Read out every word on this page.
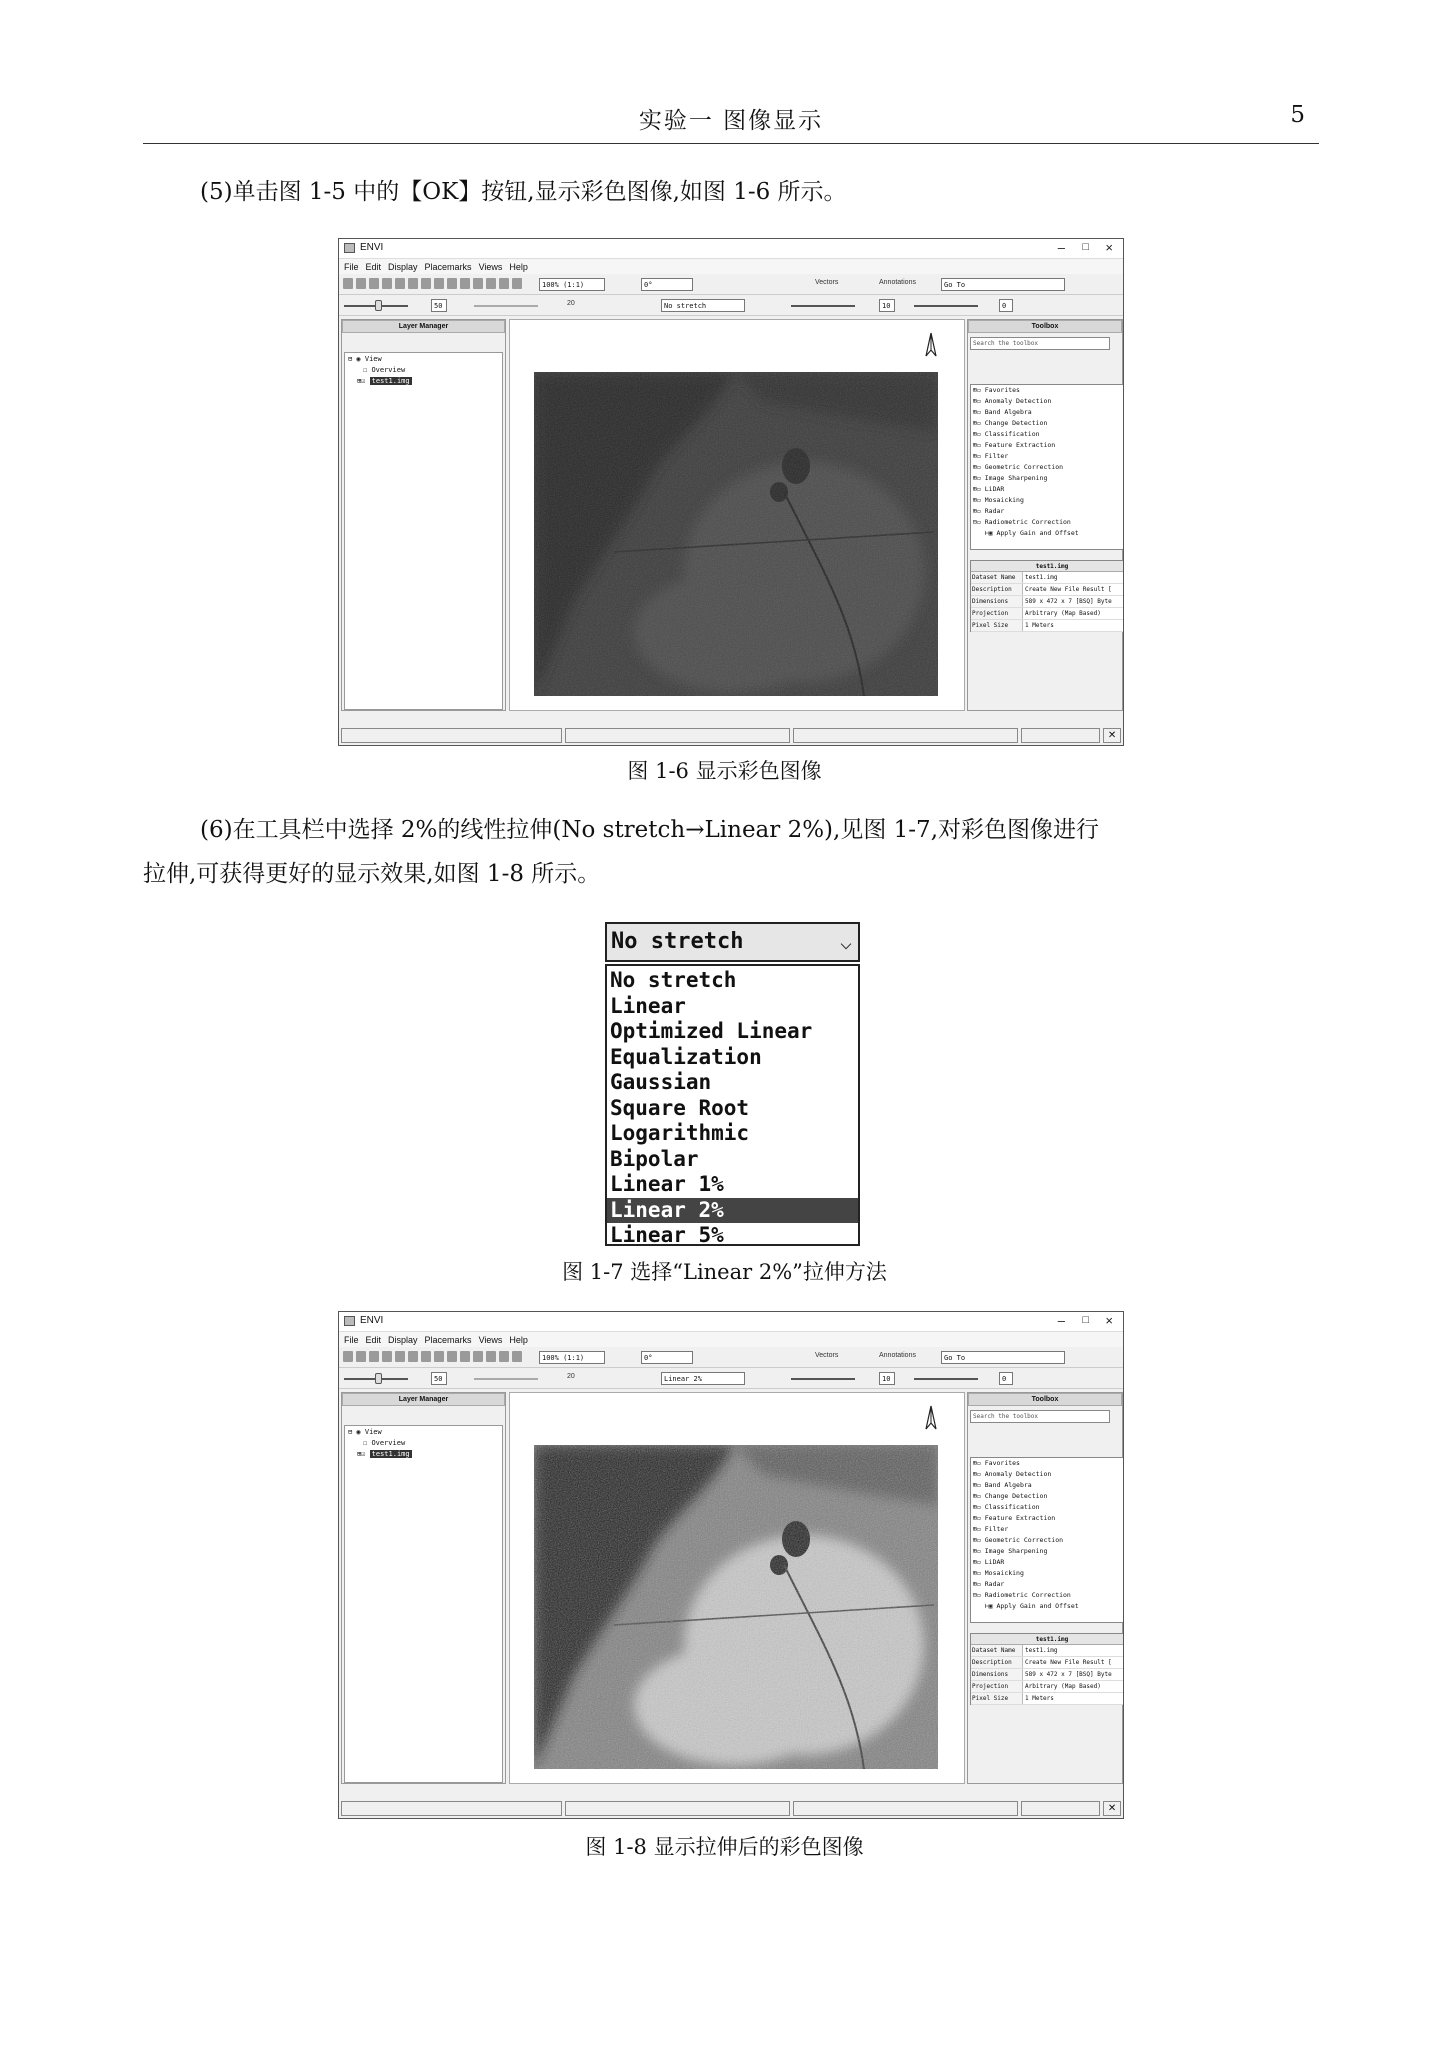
实验一 图像显示	5
(5)单击图 1-5 中的【OK】按钮,显示彩色图像,如图 1-6 所示。
ENVI	– □ ×
File Edit Display Placemarks Views Help
100% (1:1)	0°	Vectors	Annotations	Go To
50	20	No stretch	10	0
Layer Manager
⊟ ◉ View
☐ Overview
⊞☑ test1.img
Toolbox
Search the toolbox
⊞▭ Favorites
⊞▭ Anomaly Detection
⊞▭ Band Algebra
⊞▭ Change Detection
⊞▭ Classification
⊞▭ Feature Extraction
⊞▭ Filter
⊞▭ Geometric Correction
⊞▭ Image Sharpening
⊞▭ LiDAR
⊞▭ Mosaicking
⊞▭ Radar
⊟▭ Radiometric Correction
⊢▣ Apply Gain and Offset
test1.img
Dataset Name	test1.img
Description	Create New File Result [
Dimensions	589 x 472 x 7 [BSQ] Byte
Projection	Arbitrary (Map Based)
Pixel Size	1 Meters
✕
图 1-6 显示彩色图像
(6)在工具栏中选择 2%的线性拉伸(No stretch→Linear 2%),见图 1-7,对彩色图像进行
拉伸,可获得更好的显示效果,如图 1-8 所示。
No stretch	⌵
No stretch
Linear
Optimized Linear
Equalization
Gaussian
Square Root
Logarithmic
Bipolar
Linear 1%
Linear 2%
Linear 5%
图 1-7 选择“Linear 2%”拉伸方法
ENVI	– □ ×
File Edit Display Placemarks Views Help
100% (1:1)	0°	Vectors	Annotations	Go To
50	20	Linear 2%	10	0
Layer Manager
⊟ ◉ View
☐ Overview
⊞☑ test1.img
Toolbox
Search the toolbox
⊞▭ Favorites
⊞▭ Anomaly Detection
⊞▭ Band Algebra
⊞▭ Change Detection
⊞▭ Classification
⊞▭ Feature Extraction
⊞▭ Filter
⊞▭ Geometric Correction
⊞▭ Image Sharpening
⊞▭ LiDAR
⊞▭ Mosaicking
⊞▭ Radar
⊟▭ Radiometric Correction
⊢▣ Apply Gain and Offset
test1.img
Dataset Name	test1.img
Description	Create New File Result [
Dimensions	589 x 472 x 7 [BSQ] Byte
Projection	Arbitrary (Map Based)
Pixel Size	1 Meters
✕
图 1-8 显示拉伸后的彩色图像
